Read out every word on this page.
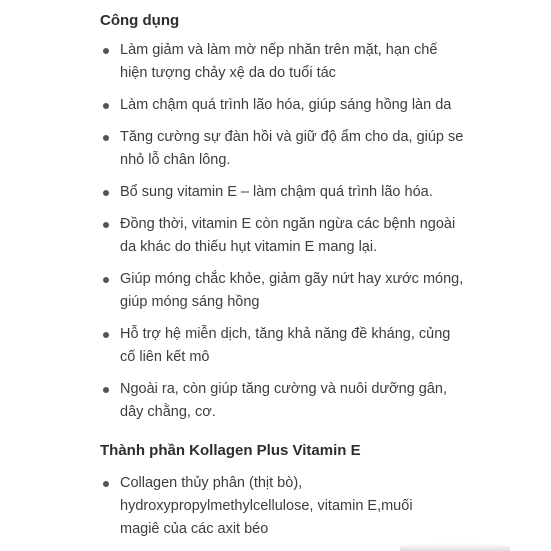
Công dụng
Làm giảm và làm mờ nếp nhăn trên mặt, hạn chế
hiện tượng chảy xệ da do tuổi tác
Làm chậm quá trình lão hóa, giúp sáng hồng làn da
Tăng cường sự đàn hồi và giữ độ ẩm cho da, giúp se
nhỏ lỗ chân lông.
Bổ sung vitamin E – làm chậm quá trình lão hóa.
Đồng thời, vitamin E còn ngăn ngừa các bệnh ngoài
da khác do thiếu hụt vitamin E mang lại.
Giúp móng chắc khỏe, giảm gãy nứt hay xước móng,
giúp móng sáng hồng
Hỗ trợ hệ miễn dịch, tăng khả năng đề kháng, củng
cố liên kết mô
Ngoài ra, còn giúp tăng cường và nuôi dưỡng gân,
dây chằng, cơ.
Thành phần Kollagen Plus Vitamin E
Collagen thủy phân (thịt bò),
hydroxypropylmethylcellulose, vitamin E,muối
magiê của các axit béo
